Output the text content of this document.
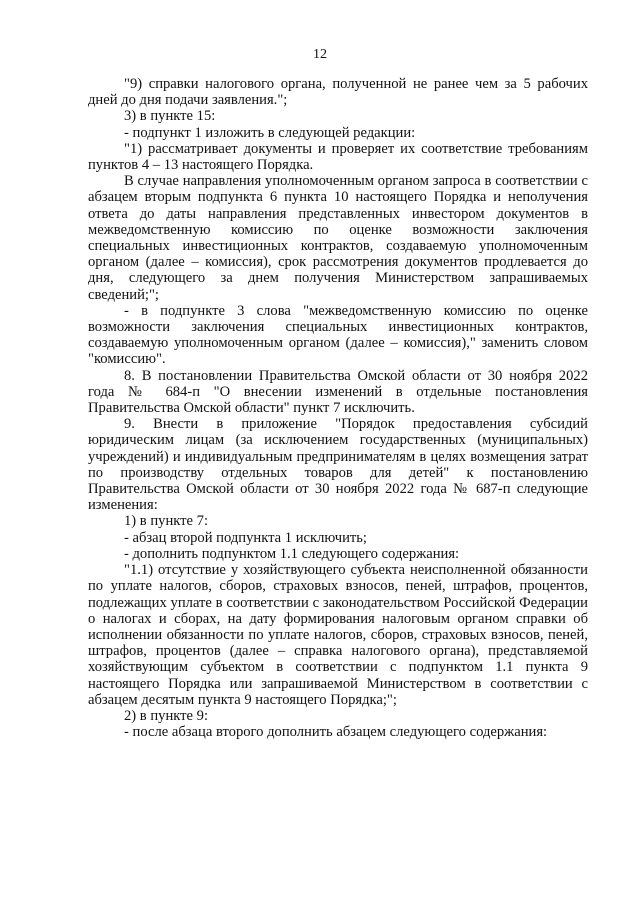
12

"9) справки налогового органа, полученной не ранее чем за 5 рабочих дней до дня подачи заявления.";

3) в пункте 15:

- подпункт 1 изложить в следующей редакции:

"1) рассматривает документы и проверяет их соответствие требованиям пунктов 4 – 13 настоящего Порядка.

В случае направления уполномоченным органом запроса в соответствии с абзацем вторым подпункта 6 пункта 10 настоящего Порядка и неполучения ответа до даты направления представленных инвестором документов в межведомственную комиссию по оценке возможности заключения специальных инвестиционных контрактов, создаваемую уполномоченным органом (далее – комиссия), срок рассмотрения документов продлевается до дня, следующего за днем получения Министерством запрашиваемых сведений;";

- в подпункте 3 слова "межведомственную комиссию по оценке возможности заключения специальных инвестиционных контрактов, создаваемую уполномоченным органом (далее – комиссия)," заменить словом "комиссию".

8. В постановлении Правительства Омской области от 30 ноября 2022 года № 684-п "О внесении изменений в отдельные постановления Правительства Омской области" пункт 7 исключить.

9. Внести в приложение "Порядок предоставления субсидий юридическим лицам (за исключением государственных (муниципальных) учреждений) и индивидуальным предпринимателям в целях возмещения затрат по производству отдельных товаров для детей" к постановлению Правительства Омской области от 30 ноября 2022 года № 687-п следующие изменения:

1) в пункте 7:

- абзац второй подпункта 1 исключить;

- дополнить подпунктом 1.1 следующего содержания:

"1.1) отсутствие у хозяйствующего субъекта неисполненной обязанности по уплате налогов, сборов, страховых взносов, пеней, штрафов, процентов, подлежащих уплате в соответствии с законодательством Российской Федерации о налогах и сборах, на дату формирования налоговым органом справки об исполнении обязанности по уплате налогов, сборов, страховых взносов, пеней, штрафов, процентов (далее – справка налогового органа), представляемой хозяйствующим субъектом в соответствии с подпунктом 1.1 пункта 9 настоящего Порядка или запрашиваемой Министерством в соответствии с абзацем десятым пункта 9 настоящего Порядка;";

2) в пункте 9:

- после абзаца второго дополнить абзацем следующего содержания:
